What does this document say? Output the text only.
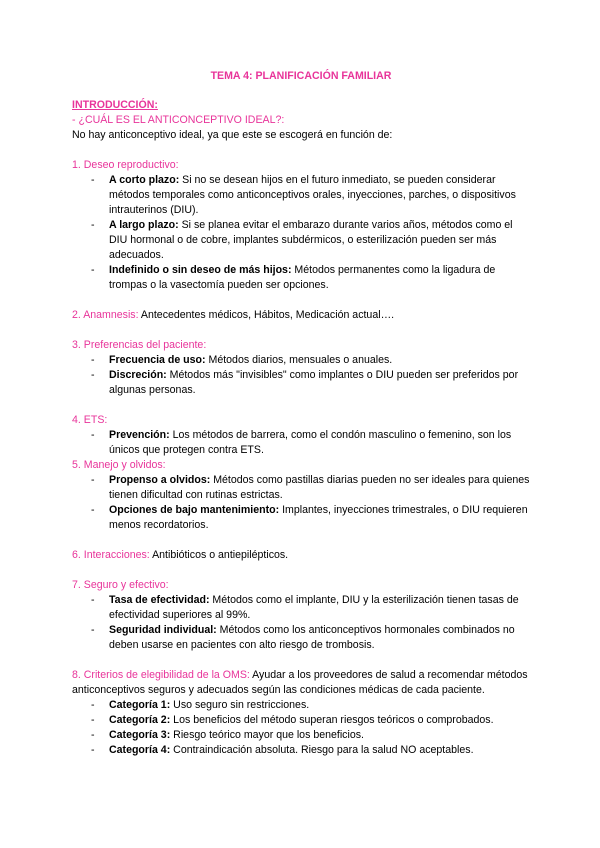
TEMA 4: PLANIFICACIÓN FAMILIAR
INTRODUCCIÓN:
- ¿CUÁL ES EL ANTICONCEPTIVO IDEAL?:

No hay anticonceptivo ideal, ya que este se escogerá en función de:

1. Deseo reproductivo:

- A corto plazo: Si no se desean hijos en el futuro inmediato, se pueden considerar métodos temporales como anticonceptivos orales, inyecciones, parches, o dispositivos intrauterinos (DIU).
- A largo plazo: Si se planea evitar el embarazo durante varios años, métodos como el DIU hormonal o de cobre, implantes subdérmicos, o esterilización pueden ser más adecuados.
- Indefinido o sin deseo de más hijos: Métodos permanentes como la ligadura de trompas o la vasectomía pueden ser opciones.

2. Anamnesis: Antecedentes médicos, Hábitos, Medicación actual….

3. Preferencias del paciente:

- Frecuencia de uso: Métodos diarios, mensuales o anuales.
- Discreción: Métodos más "invisibles" como implantes o DIU pueden ser preferidos por algunas personas.

4. ETS:

- Prevención: Los métodos de barrera, como el condón masculino o femenino, son los únicos que protegen contra ETS.

5. Manejo y olvidos:

- Propenso a olvidos: Métodos como pastillas diarias pueden no ser ideales para quienes tienen dificultad con rutinas estrictas.
- Opciones de bajo mantenimiento: Implantes, inyecciones trimestrales, o DIU requieren menos recordatorios.

6. Interacciones: Antibióticos o antiepilépticos.

7. Seguro y efectivo:

- Tasa de efectividad: Métodos como el implante, DIU y la esterilización tienen tasas de efectividad superiores al 99%.
- Seguridad individual: Métodos como los anticonceptivos hormonales combinados no deben usarse en pacientes con alto riesgo de trombosis.

8. Criterios de elegibilidad de la OMS: Ayudar a los proveedores de salud a recomendar métodos anticonceptivos seguros y adecuados según las condiciones médicas de cada paciente.

- Categoría 1: Uso seguro sin restricciones.
- Categoría 2: Los beneficios del método superan riesgos teóricos o comprobados.
- Categoría 3: Riesgo teórico mayor que los beneficios.
- Categoría 4: Contraindicación absoluta. Riesgo para la salud NO aceptables.
